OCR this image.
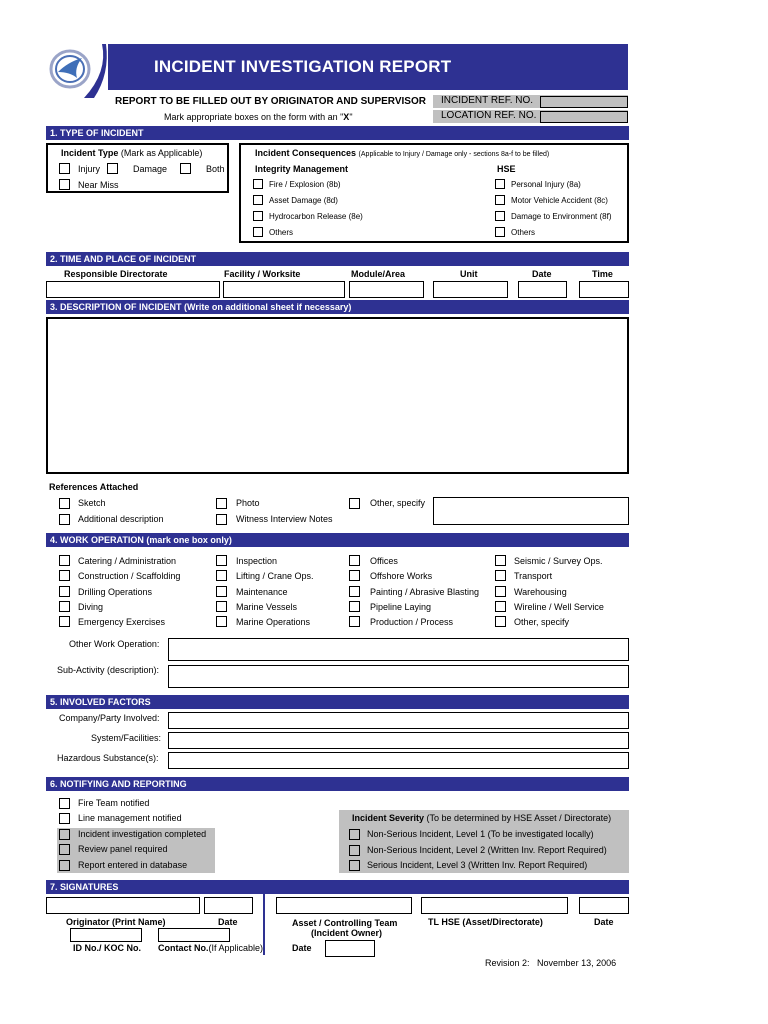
INCIDENT INVESTIGATION REPORT
REPORT TO BE FILLED OUT BY ORIGINATOR AND SUPERVISOR
Mark appropriate boxes on the form with an "X"
INCIDENT REF. NO.
LOCATION REF. NO.
1. TYPE OF INCIDENT
Incident Type (Mark as Applicable)
Injury	Damage	Both
Near Miss
Incident Consequences (Applicable to Injury / Damage only - sections 8a-f to be filled)
Integrity Management	HSE
Fire / Explosion (8b)
Asset Damage (8d)
Hydrocarbon Release (8e)
Others
Personal Injury (8a)
Motor Vehicle Accident (8c)
Damage to Environment (8f)
Others
2. TIME AND PLACE OF INCIDENT
Responsible Directorate	Facility / Worksite	Module/Area	Unit	Date	Time
3. DESCRIPTION OF INCIDENT (Write on additional sheet if necessary)
References Attached
Sketch	Photo	Other, specify
Additional description	Witness Interview Notes
4. WORK OPERATION (mark one box only)
Catering / Administration
Construction / Scaffolding
Drilling Operations
Diving
Emergency Exercises
Inspection
Lifting / Crane Ops.
Maintenance
Marine Vessels
Marine Operations
Offices
Offshore Works
Painting / Abrasive Blasting
Pipeline Laying
Production / Process
Seismic / Survey Ops.
Transport
Warehousing
Wireline / Well Service
Other, specify
Other Work Operation:
Sub-Activity (description):
5. INVOLVED FACTORS
Company/Party Involved:
System/Facilities:
Hazardous Substance(s):
6. NOTIFYING AND REPORTING
Fire Team notified
Line management notified
Incident investigation completed
Review panel required
Report entered in database
Incident Severity (To be determined by HSE Asset / Directorate)
Non-Serious Incident, Level 1 (To be investigated locally)
Non-Serious Incident, Level 2 (Written Inv. Report Required)
Serious Incident, Level 3 (Written Inv. Report Required)
7. SIGNATURES
Originator (Print Name)	Date	Asset / Controlling Team
(Incident Owner)
TL HSE (Asset/Directorate)	Date
ID No./ KOC No. Contact No.(If Applicable)	Date
Revision 2: November 13, 2006
